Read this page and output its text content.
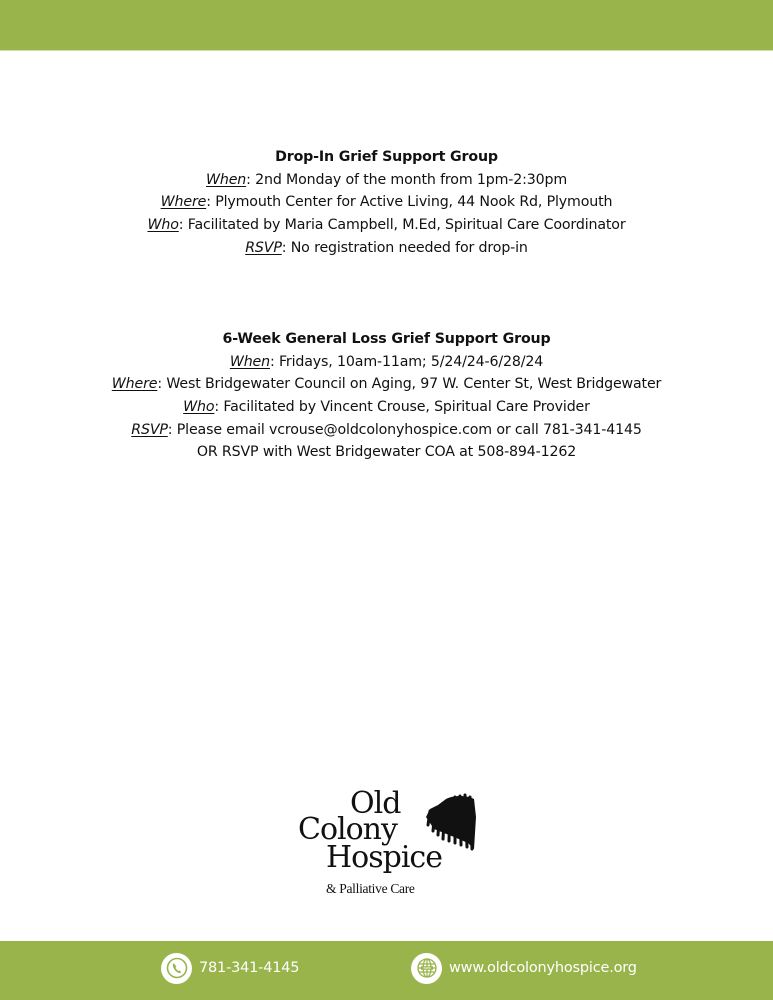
Drop-In Grief Support Group
When: 2nd Monday of the month from 1pm-2:30pm
Where: Plymouth Center for Active Living, 44 Nook Rd, Plymouth
Who: Facilitated by Maria Campbell, M.Ed, Spiritual Care Coordinator
RSVP: No registration needed for drop-in
6-Week General Loss Grief Support Group
When: Fridays, 10am-11am; 5/24/24-6/28/24
Where: West Bridgewater Council on Aging, 97 W. Center St, West Bridgewater
Who: Facilitated by Vincent Crouse, Spiritual Care Provider
RSVP: Please email vcrouse@oldcolonyhospice.com or call 781-341-4145
OR RSVP with West Bridgewater COA at 508-894-1262
Old
Colony
Hospice
& Palliative Care
781-341-4145	www www.oldcolonyhospice.org
